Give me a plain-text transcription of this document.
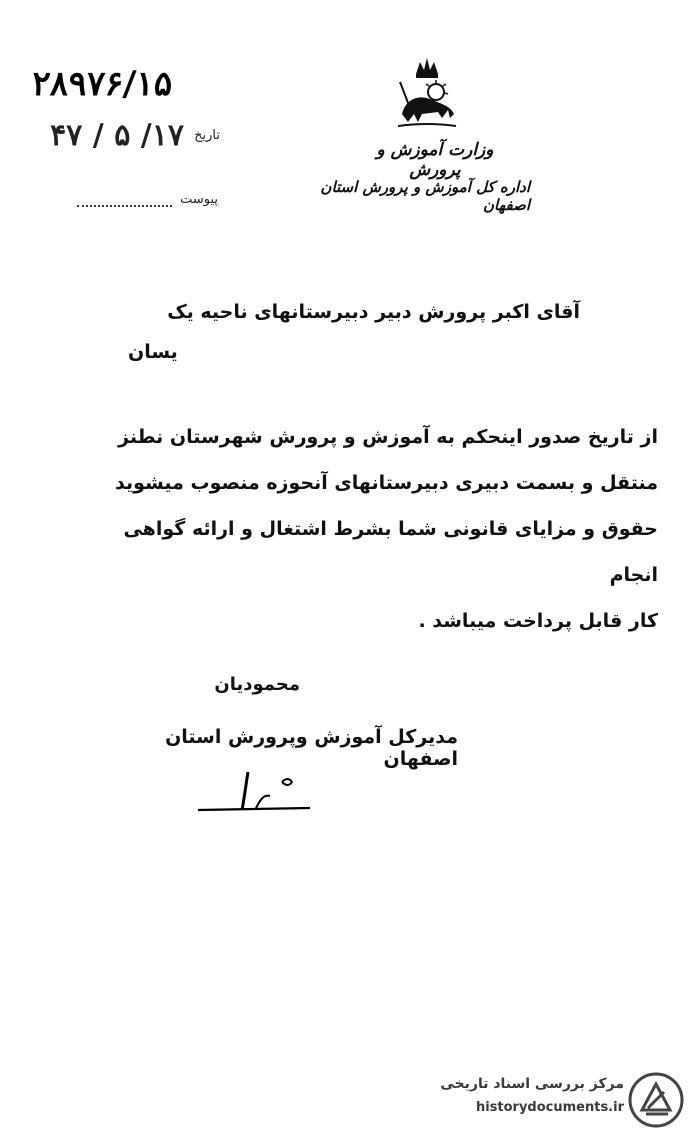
۲۸۹۷۶/۱۵
تاریخ ۱۷/ ۵ / ۴۷
پیوست
وزارت آموزش و پرورش
اداره کل آموزش و پرورش استان اصفهان
آقای اکبر پرورش دبیر دبیرستانهای ناحیه یک
یسان
از تاریخ صدور اینحکم به آموزش و پرورش شهرستان نطنز
منتقل و بسمت دبیری دبیرستانهای آنحوزه منصوب میشوید
حقوق و مزایای قانونی شما بشرط اشتغال و ارائه گواهی انجام
کار قابل پرداخت میباشد .
محمودیان
مدیرکل آموزش وپرورش استان اصفهان
مرکز بررسی اسناد تاریخی
historydocuments.ir
